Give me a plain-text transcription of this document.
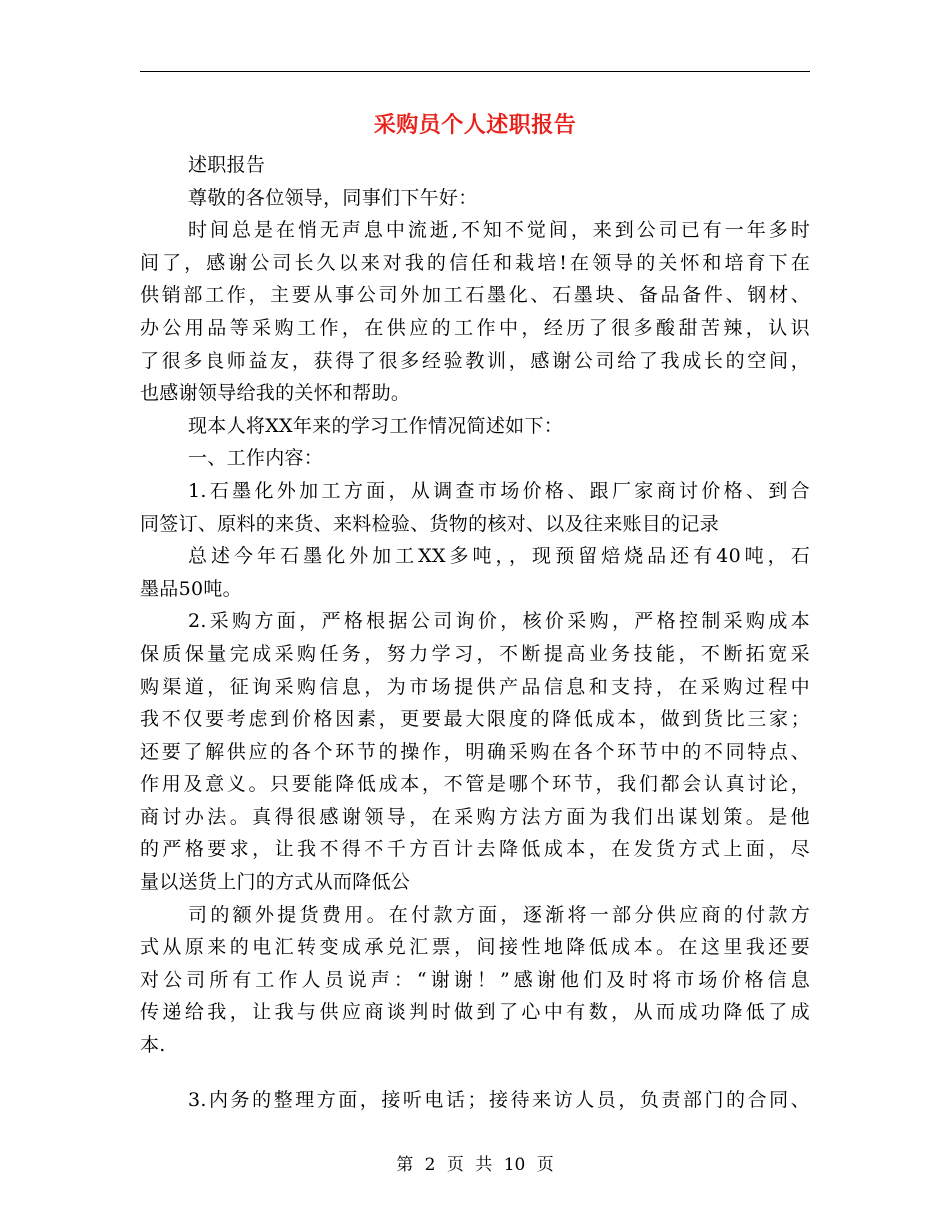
采购员个人述职报告
述职报告
尊敬的各位领导，同事们下午好：
时间总是在悄无声息中流逝,不知不觉间，来到公司已有一年多时
间了，感谢公司长久以来对我的信任和栽培!在领导的关怀和培育下在
供销部工作，主要从事公司外加工石墨化、石墨块、备品备件、钢材、
办公用品等采购工作，在供应的工作中，经历了很多酸甜苦辣，认识
了很多良师益友，获得了很多经验教训，感谢公司给了我成长的空间，
也感谢领导给我的关怀和帮助。
现本人将XX年来的学习工作情况简述如下：
一、工作内容：
1.石墨化外加工方面，从调查市场价格、跟厂家商讨价格、到合
同签订、原料的来货、来料检验、货物的核对、以及往来账目的记录
总述今年石墨化外加工XX多吨，，现预留焙烧品还有40吨，石
墨品50吨。
2.采购方面，严格根据公司询价，核价采购，严格控制采购成本
保质保量完成采购任务，努力学习，不断提高业务技能，不断拓宽采
购渠道，征询采购信息，为市场提供产品信息和支持，在采购过程中
我不仅要考虑到价格因素，更要最大限度的降低成本，做到货比三家；
还要了解供应的各个环节的操作，明确采购在各个环节中的不同特点、
作用及意义。只要能降低成本，不管是哪个环节，我们都会认真讨论，
商讨办法。真得很感谢领导，在采购方法方面为我们出谋划策。是他
的严格要求，让我不得不千方百计去降低成本，在发货方式上面，尽
量以送货上门的方式从而降低公
司的额外提货费用。在付款方面，逐渐将一部分供应商的付款方
式从原来的电汇转变成承兑汇票，间接性地降低成本。在这里我还要
对公司所有工作人员说声：“谢谢！”感谢他们及时将市场价格信息
传递给我，让我与供应商谈判时做到了心中有数，从而成功降低了成
本.
3.内务的整理方面，接听电话；接待来访人员，负责部门的合同、
第 2 页 共 10 页
